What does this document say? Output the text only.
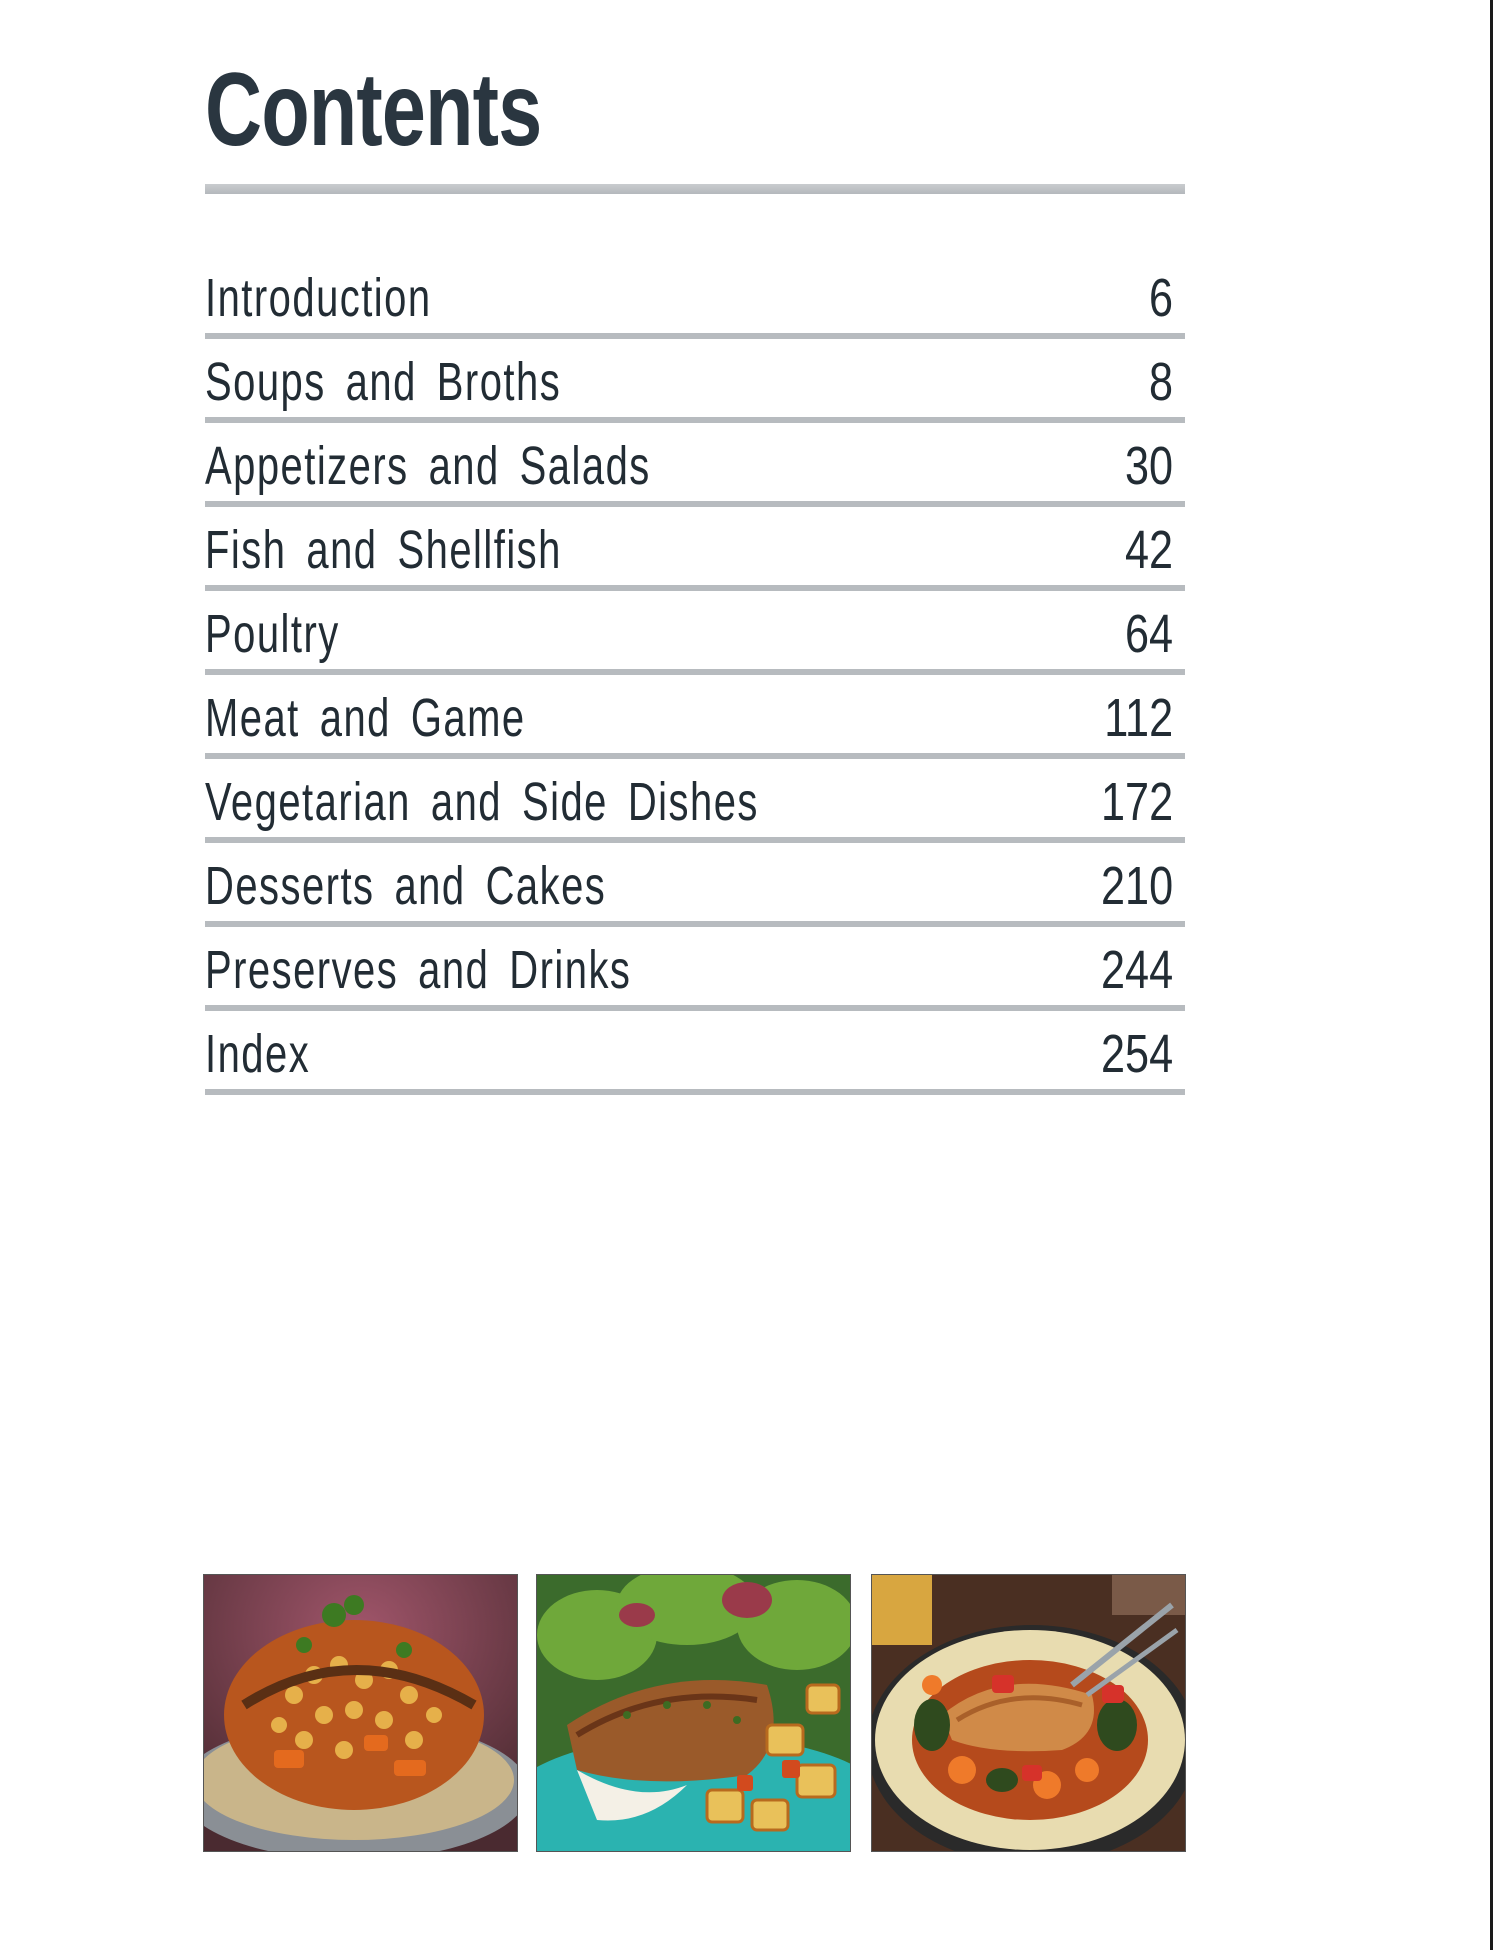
Contents
Introduction	6
Soups and Broths	8
Appetizers and Salads	30
Fish and Shellfish	42
Poultry	64
Meat and Game	112
Vegetarian and Side Dishes	172
Desserts and Cakes	210
Preserves and Drinks	244
Index	254
